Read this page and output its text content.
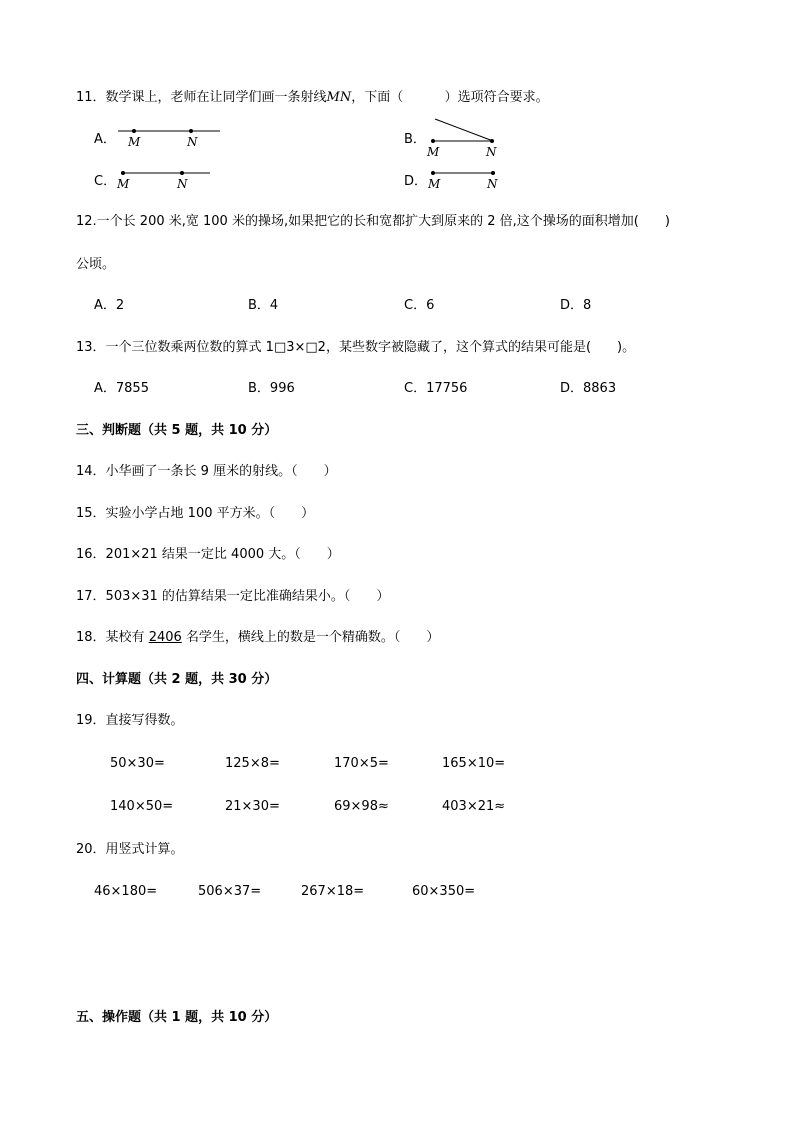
11．数学课上，老师在让同学们画一条射线MN，下面（	）选项符合要求。
A． M	N	B．
M	N
C． M	N	D． M	N
12.一个长 200 米,宽 100 米的操场,如果把它的长和宽都扩大到原来的 2 倍,这个操场的面积增加(　　)
公顷。
A．2	B．4	C．6	D．8
13．一个三位数乘两位数的算式 1□3×□2，某些数字被隐藏了，这个算式的结果可能是(　　)。
A．7855	B．996	C．17756	D．8863
三、判断题（共 5 题，共 10 分）
14．小华画了一条长 9 厘米的射线。（　　）
15．实验小学占地 100 平方米。（　　）
16．201×21 结果一定比 4000 大。（　　）
17．503×31 的估算结果一定比准确结果小。（　　）
18．某校有 2406 名学生，横线上的数是一个精确数。（　　）
四、计算题（共 2 题，共 30 分）
19．直接写得数。
50×30=	125×8=	170×5=	165×10=
140×50=	21×30=	69×98≈	403×21≈
20．用竖式计算。
46×180=	506×37=	267×18=	60×350=
五、操作题（共 1 题，共 10 分）
